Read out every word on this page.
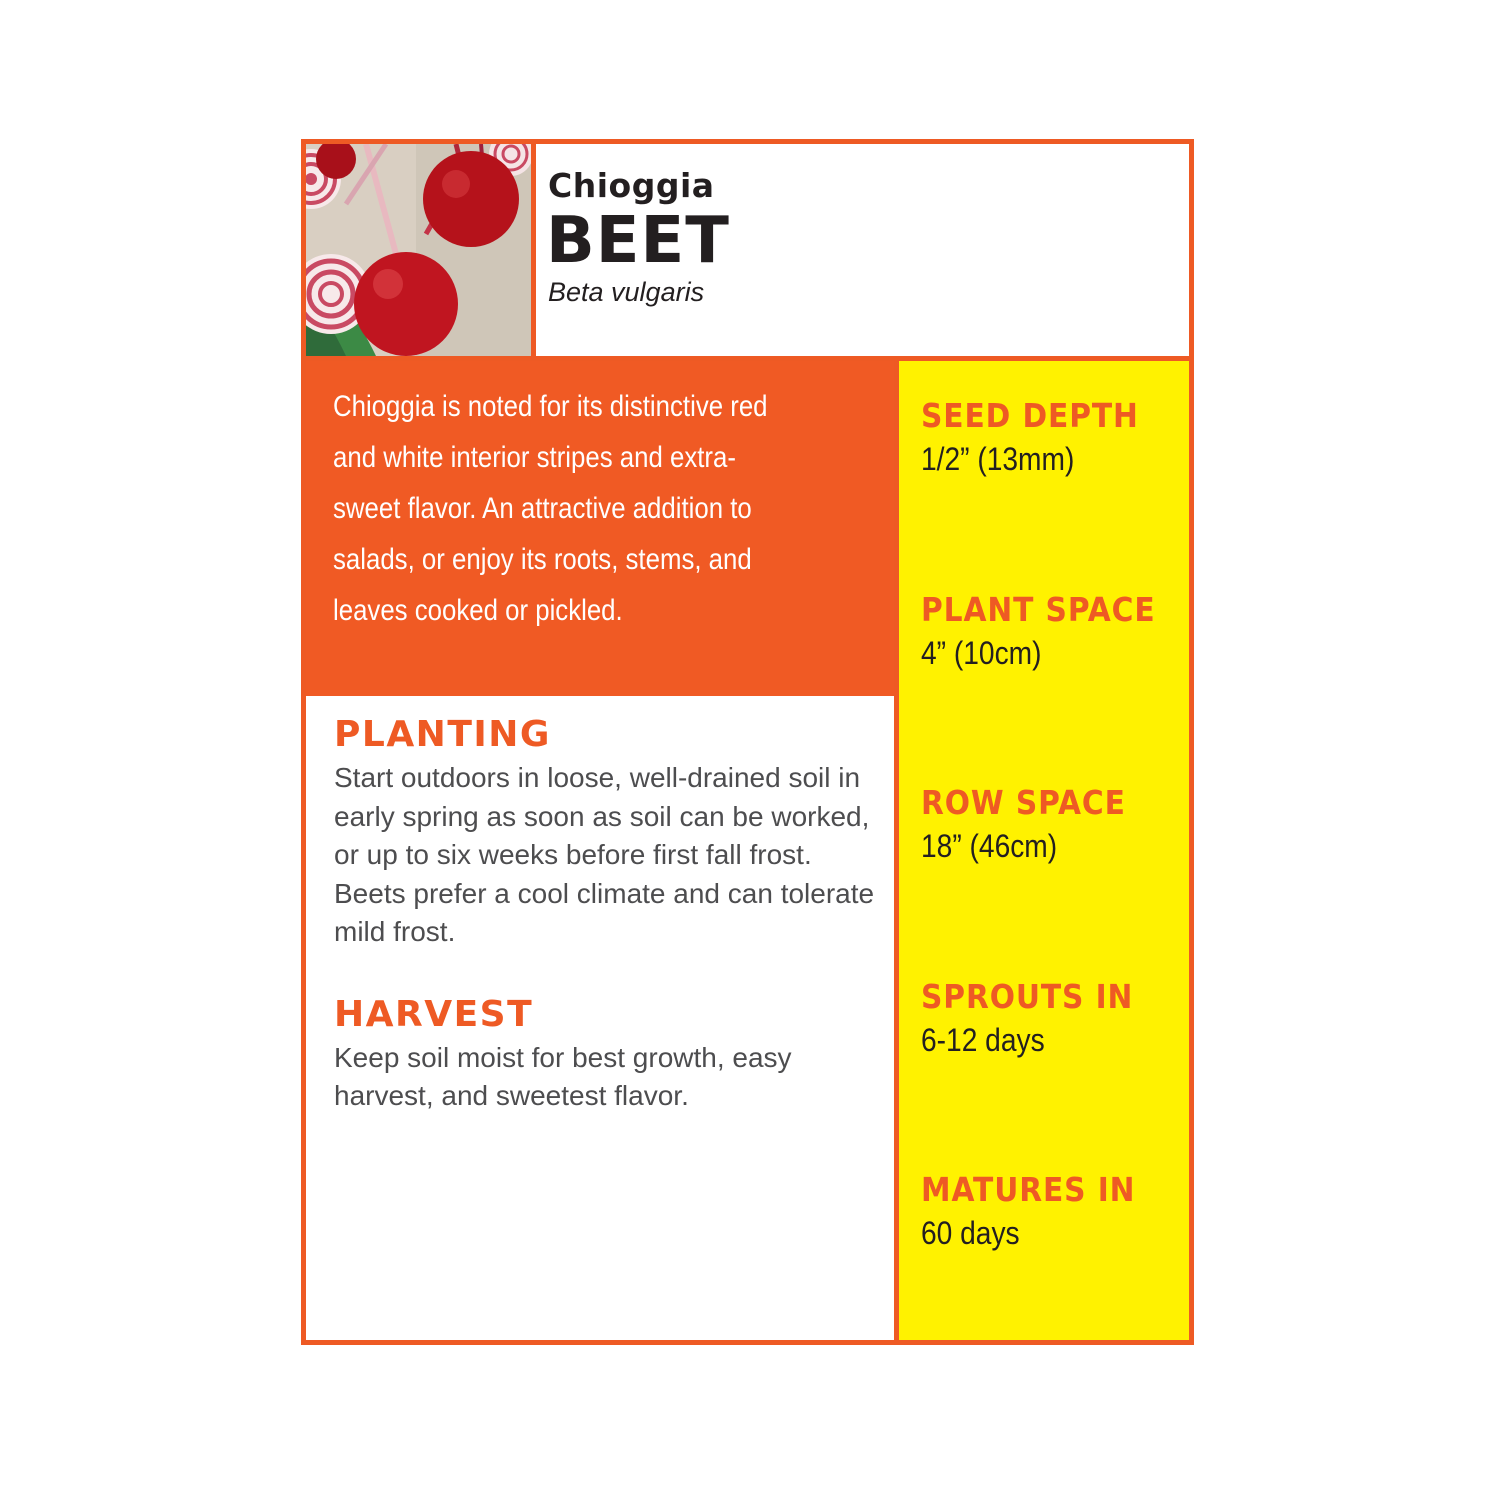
Chioggia
BEET
Beta vulgaris
Chioggia is noted for its distinctive red
and white interior stripes and extra-
sweet flavor. An attractive addition to
salads, or enjoy its roots, stems, and
leaves cooked or pickled.
SEED DEPTH
1/2” (13mm)
PLANT SPACE
4” (10cm)
ROW SPACE
18” (46cm)
SPROUTS IN
6-12 days
MATURES IN
60 days
PLANTING
Start outdoors in loose, well-drained soil in early spring as soon as soil can be worked, or up to six weeks before first fall frost. Beets prefer a cool climate and can tolerate mild frost.
HARVEST
Keep soil moist for best growth, easy harvest, and sweetest flavor.
